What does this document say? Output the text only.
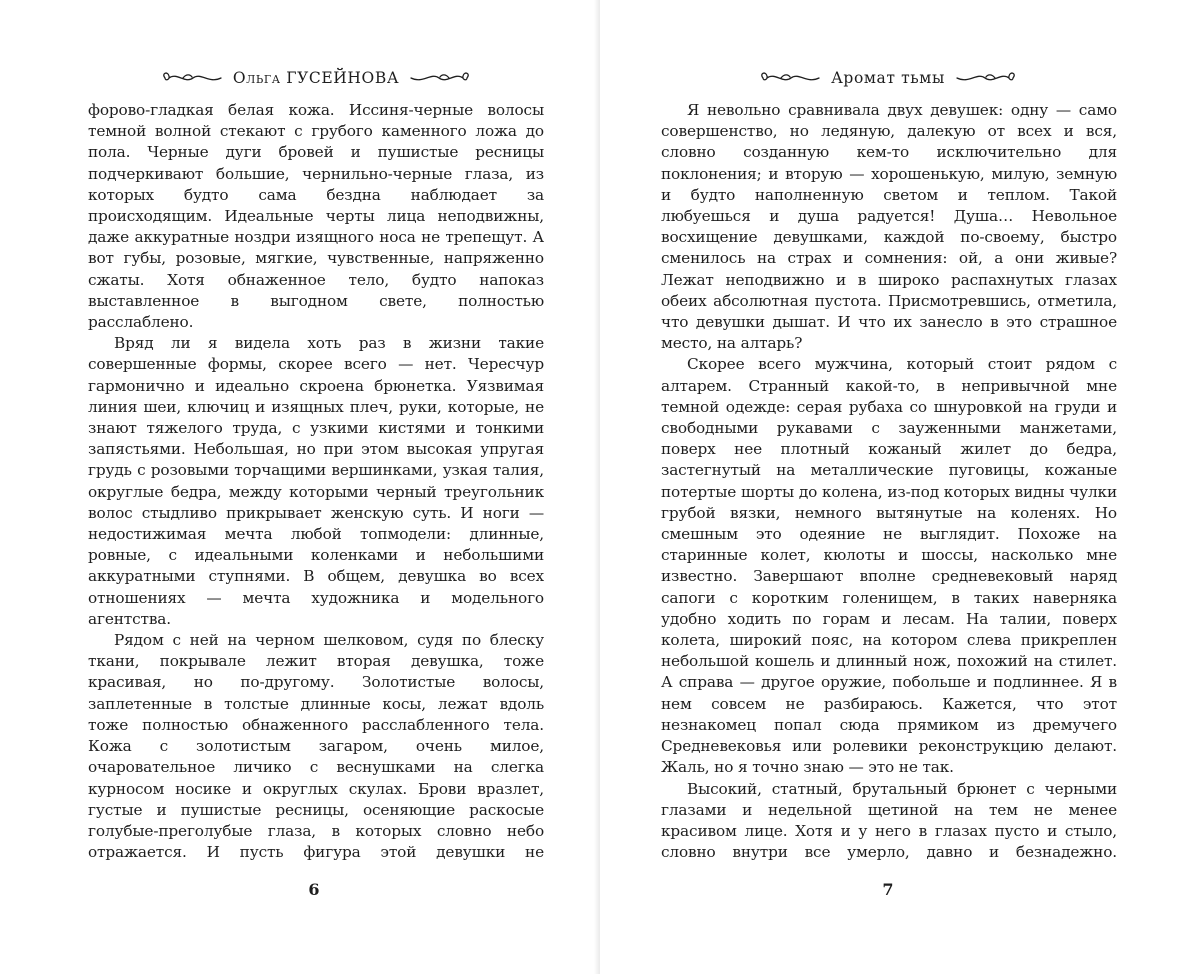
Ольга ГУСЕЙНОВА

форово-гладкая белая кожа. Иссиня-черные волосы темной волной стекают с грубого каменного ложа до пола. Черные дуги бровей и пушистые ресницы подчеркивают большие, чернильно-черные глаза, из которых будто сама бездна наблюдает за происходящим. Идеальные черты лица неподвижны, даже аккуратные ноздри изящного носа не трепещут. А вот губы, розовые, мягкие, чувственные, напряженно сжаты. Хотя обнаженное тело, будто напоказ выставленное в выгодном свете, полностью расслаблено.

Вряд ли я видела хоть раз в жизни такие совершенные формы, скорее всего — нет. Чересчур гармонично и идеально скроена брюнетка. Уязвимая линия шеи, ключиц и изящных плеч, руки, которые, не знают тяжелого труда, с узкими кистями и тонкими запястьями. Небольшая, но при этом высокая упругая грудь с розовыми торчащими вершинками, узкая талия, округлые бедра, между которыми черный треугольник волос стыдливо прикрывает женскую суть. И ноги — недостижимая мечта любой топмодели: длинные, ровные, с идеальными коленками и небольшими аккуратными ступнями. В общем, девушка во всех отношениях — мечта художника и модельного агентства.

Рядом с ней на черном шелковом, судя по блеску ткани, покрывале лежит вторая девушка, тоже красивая, но по-другому. Золотистые волосы, заплетенные в толстые длинные косы, лежат вдоль тоже полностью обнаженного расслабленного тела. Кожа с золотистым загаром, очень милое, очаровательное личико с веснушками на слегка курносом носике и округлых скулах. Брови вразлет, густые и пушистые ресницы, осеняющие раскосые голубые-преголубые глаза, в которых словно небо отражается. И пусть фигура этой девушки не

6
Аромат тьмы

Я невольно сравнивала двух девушек: одну — само совершенство, но ледяную, далекую от всех и вся, словно созданную кем-то исключительно для поклонения; и вторую — хорошенькую, милую, земную и будто наполненную светом и теплом. Такой любуешься и душа радуется! Душа… Невольное восхищение девушками, каждой по-своему, быстро сменилось на страх и сомнения: ой, а они живые? Лежат неподвижно и в широко распахнутых глазах обеих абсолютная пустота. Присмотревшись, отметила, что девушки дышат. И что их занесло в это страшное место, на алтарь?

Скорее всего мужчина, который стоит рядом с алтарем. Странный какой-то, в непривычной мне темной одежде: серая рубаха со шнуровкой на груди и свободными рукавами с зауженными манжетами, поверх нее плотный кожаный жилет до бедра, застегнутый на металлические пуговицы, кожаные потертые шорты до колена, из-под которых видны чулки грубой вязки, немного вытянутые на коленях. Но смешным это одеяние не выглядит. Похоже на старинные колет, кюлоты и шоссы, насколько мне известно. Завершают вполне средневековый наряд сапоги с коротким голенищем, в таких наверняка удобно ходить по горам и лесам. На талии, поверх колета, широкий пояс, на котором слева прикреплен небольшой кошель и длинный нож, похожий на стилет. А справа — другое оружие, побольше и подлиннее. Я в нем совсем не разбираюсь. Кажется, что этот незнакомец попал сюда прямиком из дремучего Средневековья или ролевики реконструкцию делают. Жаль, но я точно знаю — это не так.

Высокий, статный, брутальный брюнет с черными глазами и недельной щетиной на тем не менее красивом лице. Хотя и у него в глазах пусто и стыло, словно внутри все умерло, давно и безнадежно.

7
